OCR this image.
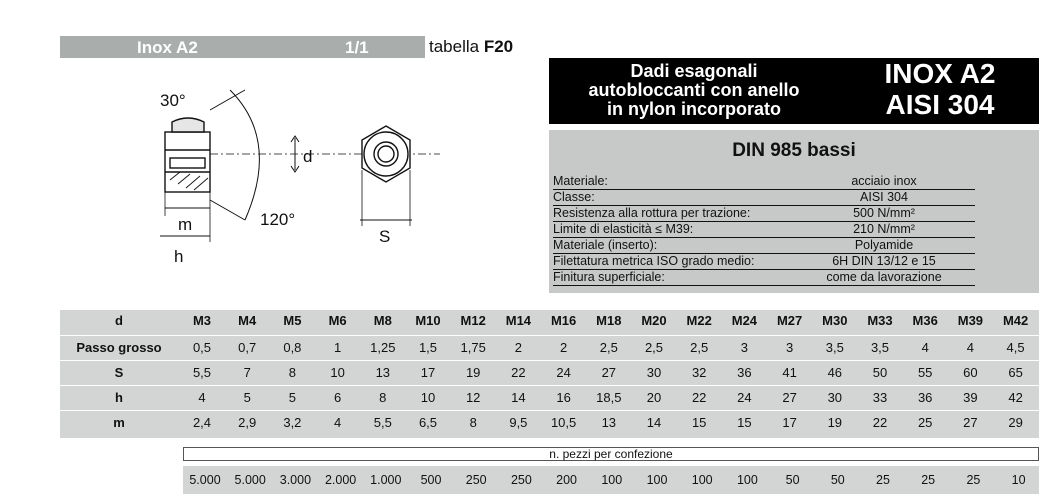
Inox A2	1/1	tabella F20
Dadi esagonali
autobloccanti con anello
in nylon incorporato
INOX A2
AISI 304
DIN 985 bassi
Materiale:	acciaio inox
Classe:	AISI 304
Resistenza alla rottura per trazione:	500 N/mm²
Limite di elasticità ≤ M39:	210 N/mm²
Materiale (inserto):	Polyamide
Filettatura metrica ISO grado medio:	6H DIN 13/12 e 15
Finitura superficiale:	come da lavorazione
30°
120°
d
m
h
S
d	M3	M4	M5	M6	M8	M10	M12	M14	M16	M18	M20	M22	M24	M27	M30	M33	M36	M39	M42
Passo grosso	0,5	0,7	0,8	1	1,25	1,5	1,75	2	2	2,5	2,5	2,5	3	3	3,5	3,5	4	4	4,5
S	5,5	7	8	10	13	17	19	22	24	27	30	32	36	41	46	50	55	60	65
h	4	5	5	6	8	10	12	14	16	18,5	20	22	24	27	30	33	36	39	42
m	2,4	2,9	3,2	4	5,5	6,5	8	9,5	10,5	13	14	15	15	17	19	22	25	27	29
n. pezzi per confezione
5.000	5.000	3.000	2.000	1.000	500	250	250	200	100	100	100	100	50	50	25	25	25	10
